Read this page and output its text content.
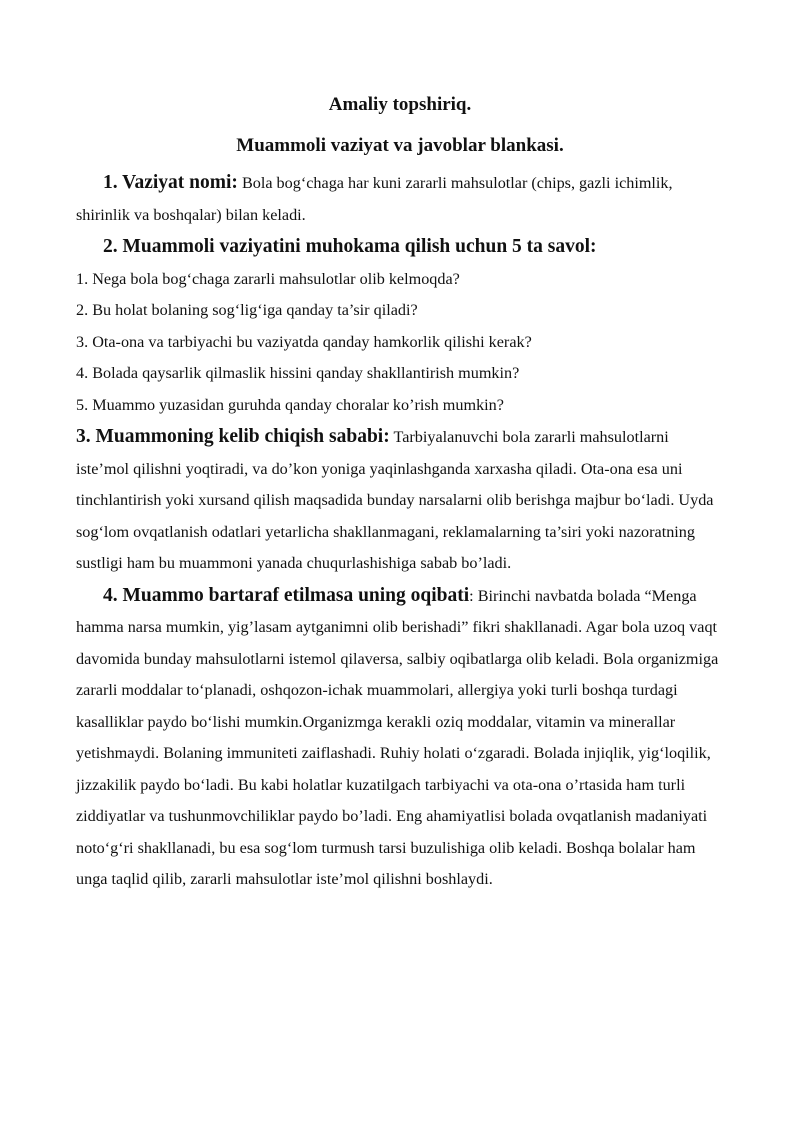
Amaliy topshiriq.
Muammoli vaziyat va javoblar blankasi.

1. Vaziyat nomi: Bola bog‘chaga har kuni zararli mahsulotlar (chips, gazli ichimlik, shirinlik va boshqalar) bilan keladi.

2. Muammoli vaziyatini muhokama qilish uchun 5 ta savol:

1. Nega bola bog‘chaga zararli mahsulotlar olib kelmoqda?
2. Bu holat bolaning sog‘lig‘iga qanday ta’sir qiladi?
3. Ota-ona va tarbiyachi bu vaziyatda qanday hamkorlik qilishi kerak?
4. Bolada qaysarlik qilmaslik hissini qanday shakllantirish mumkin?
5. Muammo yuzasidan guruhda qanday choralar ko’rish mumkin?

3. Muammoning kelib chiqish sababi: Tarbiyalanuvchi bola zararli mahsulotlarni iste’mol qilishni yoqtiradi, va do’kon yoniga yaqinlashganda xarxasha qiladi. Ota-ona esa uni tinchlantirish yoki xursand qilish maqsadida bunday narsalarni olib berishga majbur bo‘ladi. Uyda sog‘lom ovqatlanish odatlari yetarlicha shakllanmagani, reklamalarning ta’siri yoki nazoratning sustligi ham bu muammoni yanada chuqurlashishiga sabab bo’ladi.

4. Muammo bartaraf etilmasa uning oqibati: Birinchi navbatda bolada “Menga hamma narsa mumkin, yig’lasam aytganimni olib berishadi” fikri shakllanadi. Agar bola uzoq vaqt davomida bunday mahsulotlarni istemol qilaversa, salbiy oqibatlarga olib keladi. Bola organizmiga zararli moddalar to‘planadi, oshqozon-ichak muammolari, allergiya yoki turli boshqa turdagi kasalliklar paydo bo‘lishi mumkin.Organizmga kerakli oziq moddalar, vitamin va minerallar yetishmaydi. Bolaning immuniteti zaiflashadi. Ruhiy holati o‘zgaradi. Bolada injiqlik, yig‘loqilik, jizzakilik paydo bo‘ladi. Bu kabi holatlar kuzatilgach tarbiyachi va ota-ona o’rtasida ham turli ziddiyatlar va tushunmovchiliklar paydo bo’ladi. Eng ahamiyatlisi bolada ovqatlanish madaniyati noto‘g‘ri shakllanadi, bu esa sog‘lom turmush tarsi buzulishiga olib keladi. Boshqa bolalar ham unga taqlid qilib, zararli mahsulotlar iste’mol qilishni boshlaydi.
